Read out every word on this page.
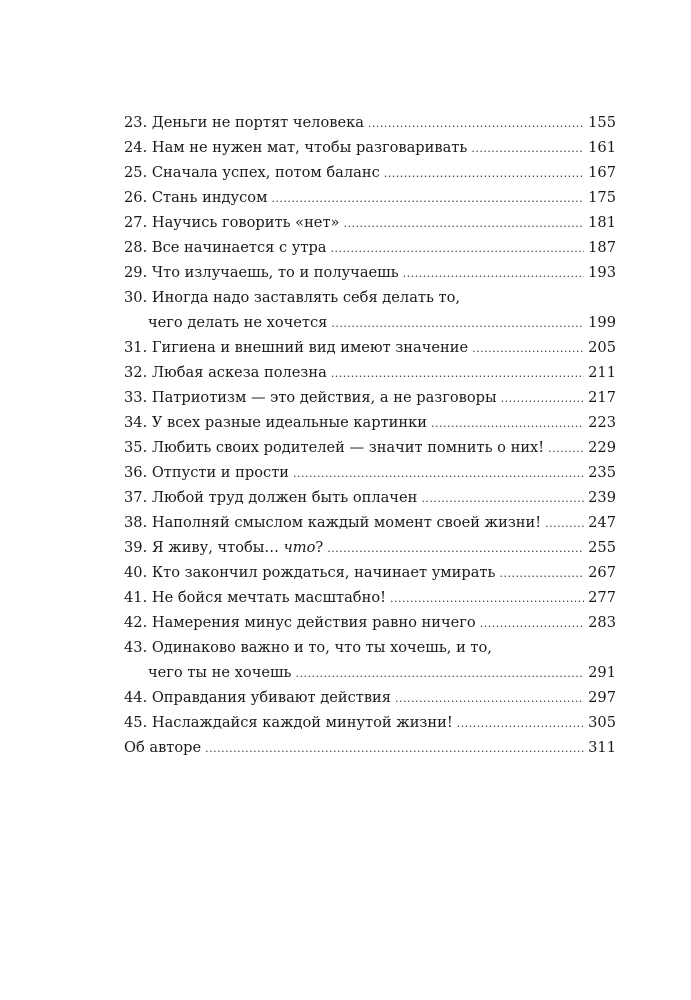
23. Деньги не портят человека .....	155
24. Нам не нужен мат, чтобы разговаривать .....	161
25. Сначала успех, потом баланс .....	167
26. Стань индусом .....	175
27. Научись говорить «нет» .....	181
28. Все начинается с утра .....	187
29. Что излучаешь, то и получаешь .....	193
30. Иногда надо заставлять себя делать то,
чего делать не хочется .....	199
31. Гигиена и внешний вид имеют значение .....	205
32. Любая аскеза полезна .....	211
33. Патриотизм — это действия, а не разговоры .....	217
34. У всех разные идеальные картинки .....	223
35. Любить своих родителей — значит помнить о них! .....	229
36. Отпусти и прости .....	235
37. Любой труд должен быть оплачен .....	239
38. Наполняй смыслом каждый момент своей жизни! .....	247
39. Я живу, чтобы… что? .....	255
40. Кто закончил рождаться, начинает умирать .....	267
41. Не бойся мечтать масштабно! .....	277
42. Намерения минус действия равно ничего .....	283
43. Одинаково важно и то, что ты хочешь, и то,
чего ты не хочешь .....	291
44. Оправдания убивают действия .....	297
45. Наслаждайся каждой минутой жизни! .....	305
Об авторе .....	311
